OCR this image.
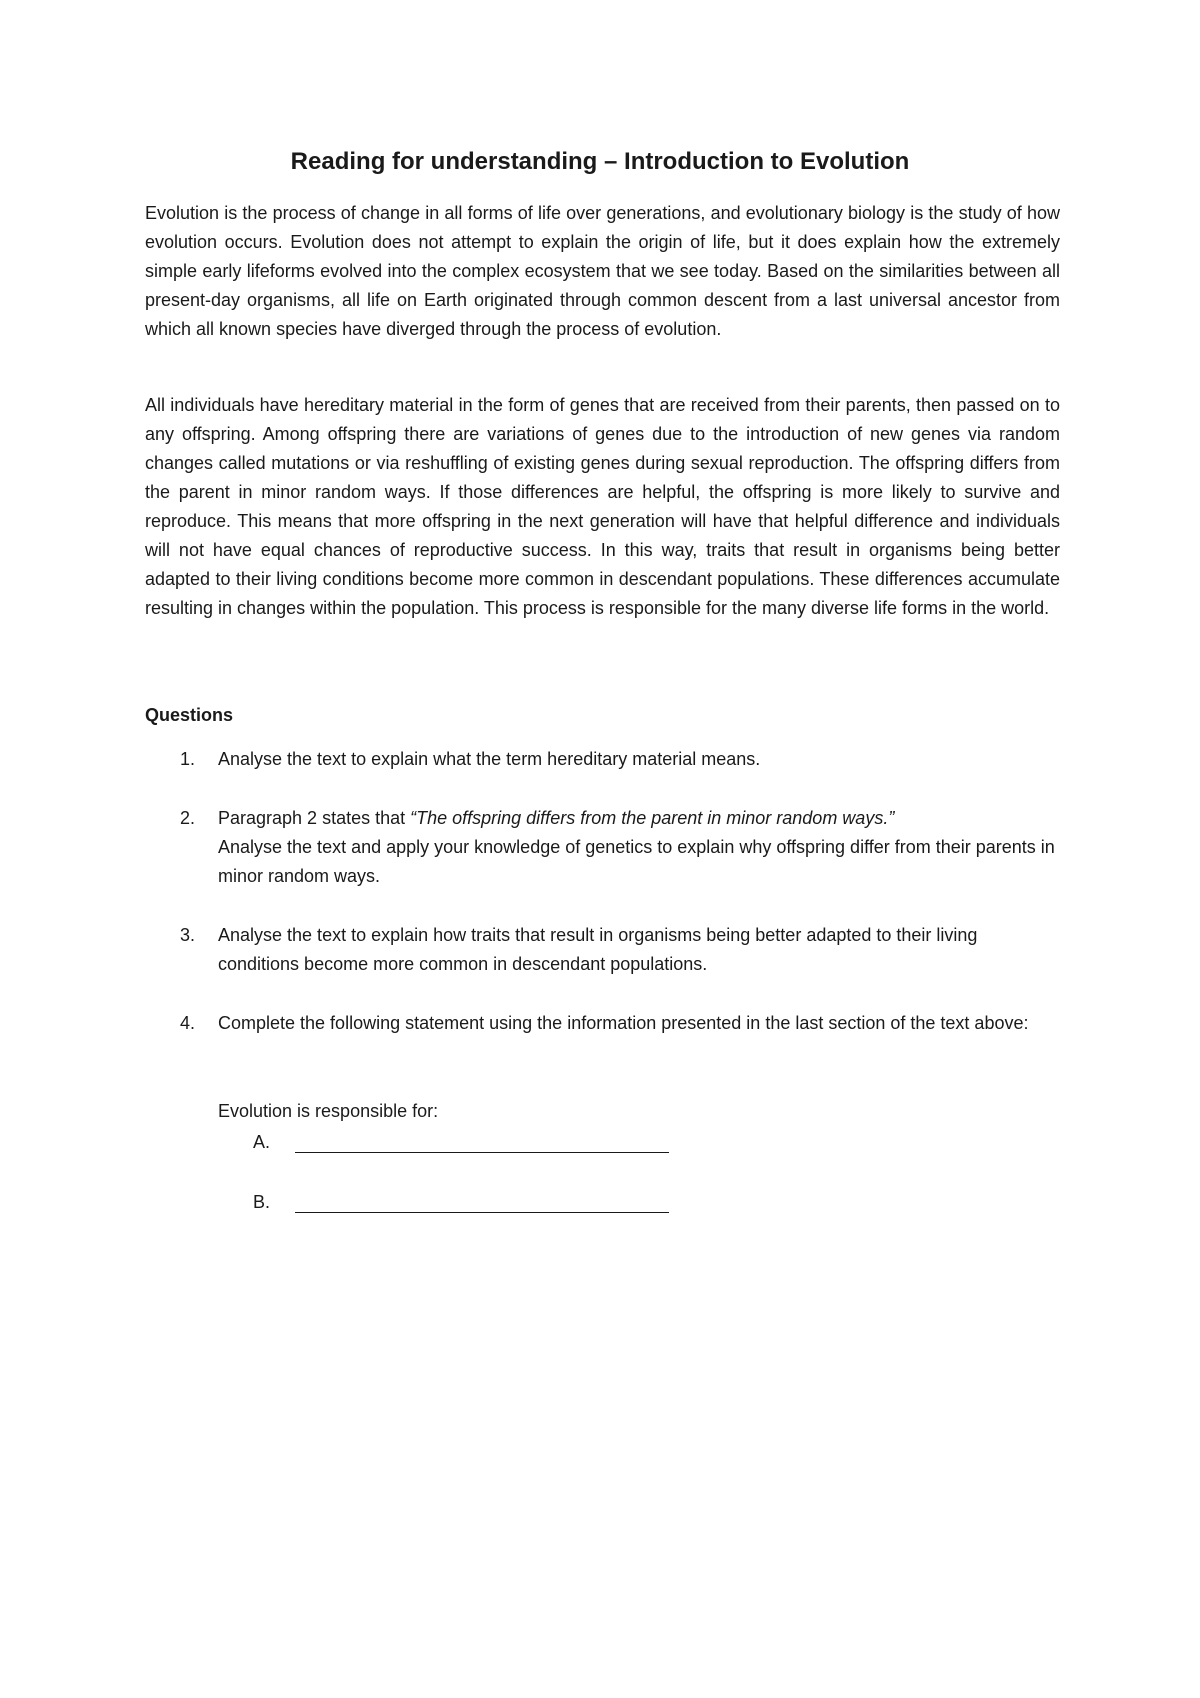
Reading for understanding – Introduction to Evolution

Evolution is the process of change in all forms of life over generations, and evolutionary biology is the study of how evolution occurs. Evolution does not attempt to explain the origin of life, but it does explain how the extremely simple early lifeforms evolved into the complex ecosystem that we see today. Based on the similarities between all present-day organisms, all life on Earth originated through common descent from a last universal ancestor from which all known species have diverged through the process of evolution.

All individuals have hereditary material in the form of genes that are received from their parents, then passed on to any offspring. Among offspring there are variations of genes due to the introduction of new genes via random changes called mutations or via reshuffling of existing genes during sexual reproduction. The offspring differs from the parent in minor random ways. If those differences are helpful, the offspring is more likely to survive and reproduce. This means that more offspring in the next generation will have that helpful difference and individuals will not have equal chances of reproductive success. In this way, traits that result in organisms being better adapted to their living conditions become more common in descendant populations. These differences accumulate resulting in changes within the population. This process is responsible for the many diverse life forms in the world.

Questions
1.	Analyse the text to explain what the term hereditary material means.
2.	Paragraph 2 states that “The offspring differs from the parent in minor random ways.”
Analyse the text and apply your knowledge of genetics to explain why offspring differ from their parents in minor random ways.
3.	Analyse the text to explain how traits that result in organisms being better adapted to their living conditions become more common in descendant populations.
4.	Complete the following statement using the information presented in the last section of the text above:
Evolution is responsible for:
A.
B.
